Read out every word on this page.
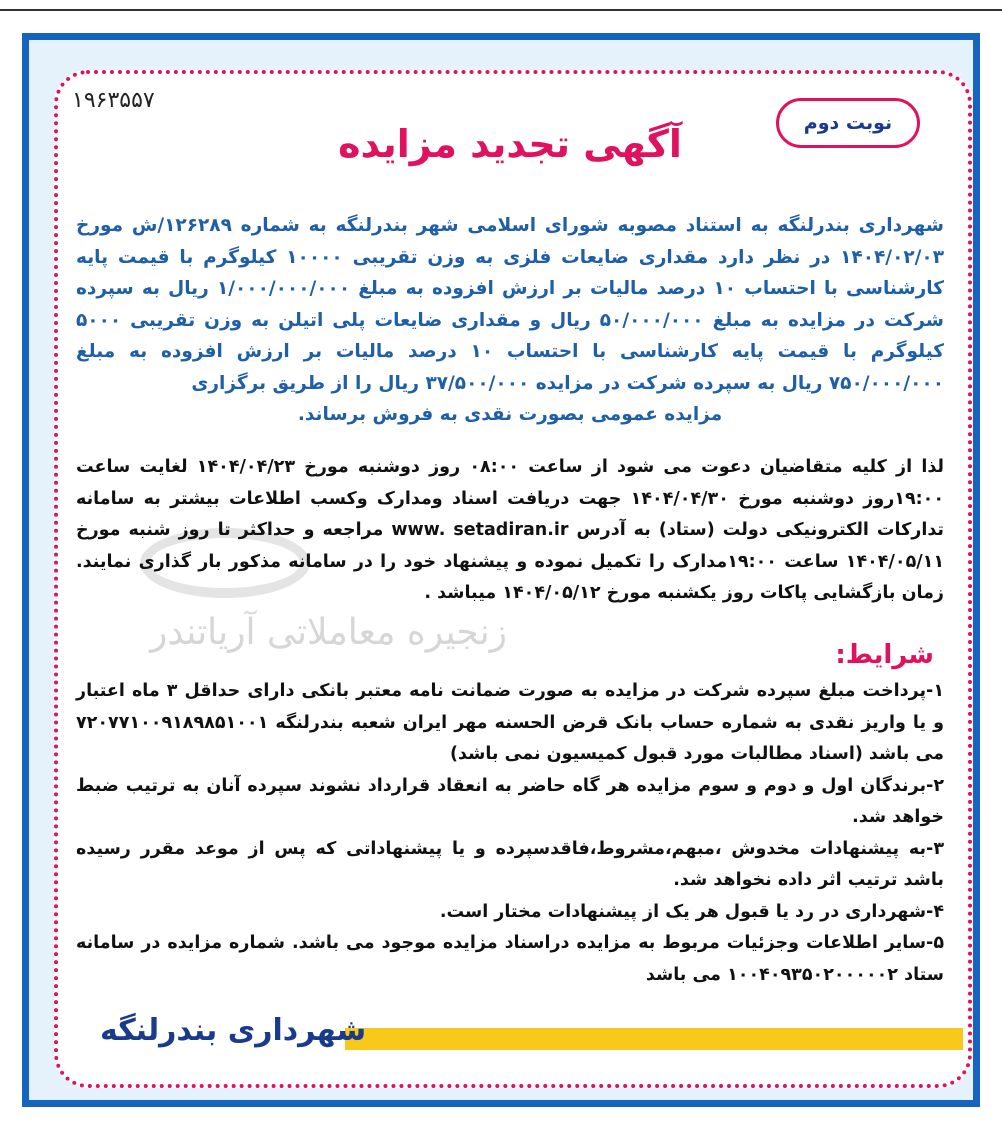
زنجیره معاملاتی آریاتندر
۱۹۶۳۵۵۷
نوبت دوم
آگهی تجدید مزایده

شهرداری بندرلنگه به استناد مصوبه شورای اسلامی شهر بندرلنگه به شماره ۱۲۶۲۸۹/ش مورخ ۱۴۰۴/۰۲/۰۳ در نظر دارد مقداری ضایعات فلزی به وزن تقریبی ۱۰۰۰۰ کیلوگرم با قیمت پایه کارشناسی با احتساب ۱۰ درصد مالیات بر ارزش افزوده به مبلغ ۱/۰۰۰/۰۰۰/۰۰۰ ریال به سپرده شرکت در مزایده به مبلغ ۵۰/۰۰۰/۰۰۰ ریال و مقداری ضایعات پلی اتیلن به وزن تقریبی ۵۰۰۰ کیلوگرم با قیمت پایه کارشناسی با احتساب ۱۰ درصد مالیات بر ارزش افزوده به مبلغ ۷۵۰/۰۰۰/۰۰۰ ریال به سپرده شرکت در مزایده ۳۷/۵۰۰/۰۰۰ ریال را از طریق برگزاری
مزایده عمومی بصورت نقدی به فروش برساند.

لذا از کلیه متقاضیان دعوت می شود از ساعت ۰۸:۰۰ روز دوشنبه مورخ ۱۴۰۴/۰۴/۲۳ لغایت ساعت ۱۹:۰۰روز دوشنبه مورخ ۱۴۰۴/۰۴/۳۰ جهت دریافت اسناد ومدارک وکسب اطلاعات بیشتر به سامانه تدارکات الکترونیکی دولت (ستاد) به آدرس www. setadiran.ir مراجعه و حداکثر تا روز شنبه مورخ ۱۴۰۴/۰۵/۱۱ ساعت ۱۹:۰۰مدارک را تکمیل نموده و پیشنهاد خود را در سامانه مذکور بار گذاری نمایند. زمان بازگشایی پاکات روز یکشنبه مورخ ۱۴۰۴/۰۵/۱۲ میباشد .

شرایط:

۱-پرداخت مبلغ سپرده شرکت در مزایده به صورت ضمانت نامه معتبر بانکی دارای حداقل ۳ ماه اعتبار و یا واریز نقدی به شماره حساب بانک قرض الحسنه مهر ایران شعبه بندرلنگه ۷۲۰۷۷۱۰۰۹۱۸۹۸۵۱۰۰۱ می باشد (اسناد مطالبات مورد قبول کمیسیون نمی باشد)

۲-برندگان اول و دوم و سوم مزایده هر گاه حاضر به انعقاد قرارداد نشوند سپرده آنان به ترتیب ضبط خواهد شد.

۳-به پیشنهادات مخدوش ،مبهم،مشروط،فاقدسپرده و یا پیشنهاداتی که پس از موعد مقرر رسیده باشد ترتیب اثر داده نخواهد شد.

۴-شهرداری در رد یا قبول هر یک از پیشنهادات مختار است.

۵-سایر اطلاعات وجزئیات مربوط به مزایده دراسناد مزایده موجود می باشد. شماره مزایده در سامانه ستاد ۱۰۰۴۰۹۳۵۰۲۰۰۰۰۰۲ می باشد

شهرداری بندرلنگه
